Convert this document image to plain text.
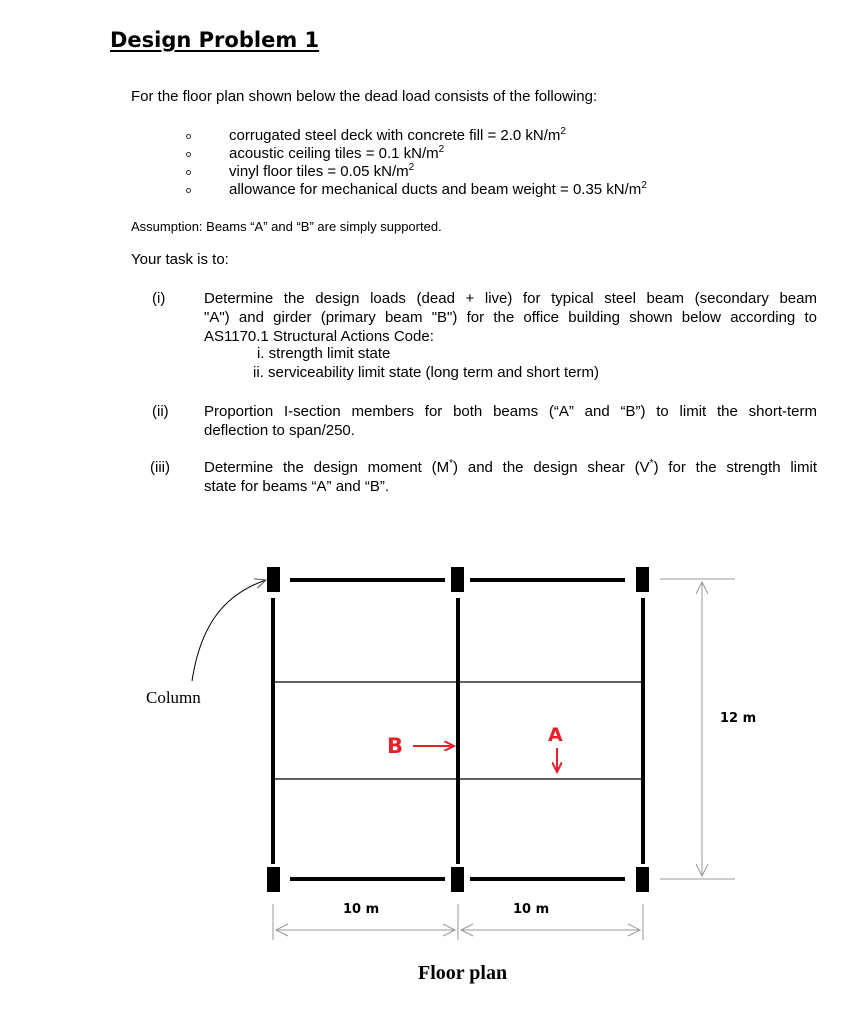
Design Problem 1
For the floor plan shown below the dead load consists of the following:
corrugated steel deck with concrete fill = 2.0 $kN/m^2$
acoustic ceiling tiles = 0.1 $kN/m^2$
vinyl floor tiles = 0.05 $kN/m^2$
allowance for mechanical ducts and beam weight = 0.35 $kN/m^2$
Assumption: Beams “A” and “B” are simply supported.
Your task is to:
(i)	Determine the design loads (dead + live) for typical steel beam (secondary beam
"A") and girder (primary beam "B") for the office building shown below according to
AS1170.1 Structural Actions Code:
i. strength limit state
ii. serviceability limit state (long term and short term)
(ii) Proportion I-section members for both beams (“A” and “B”) to limit the short-term
deflection to span/250.
(iii) Determine the design moment (M*) and the design shear (V*) for the strength limit
state for beams “A” and “B”.
Column
12 m
10 m	10 m
B	A
Floor plan
